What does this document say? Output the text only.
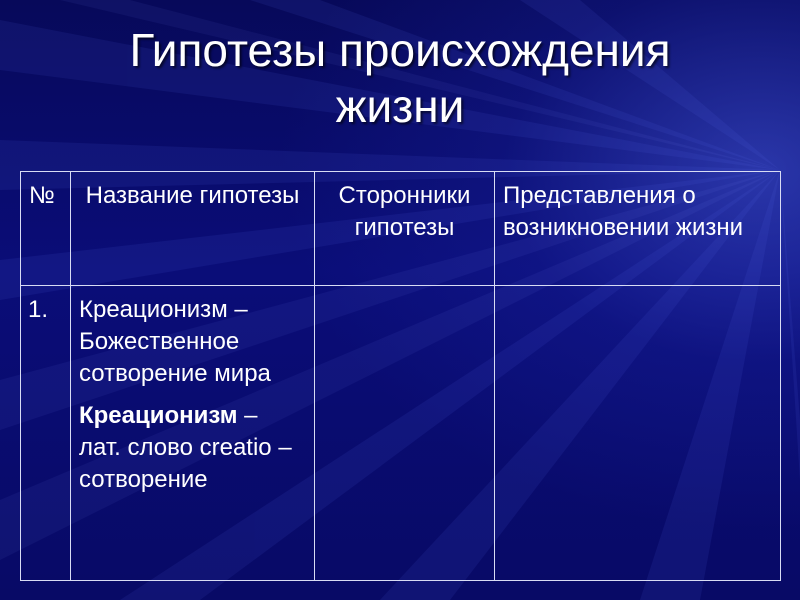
Гипотезы происхождения
жизни
№	Название гипотезы	Сторонники гипотезы	Представления о возникновении жизни
1.	Креационизм – Божественное сотворение мира

Креационизм – лат. слово creatio – сотворение		
